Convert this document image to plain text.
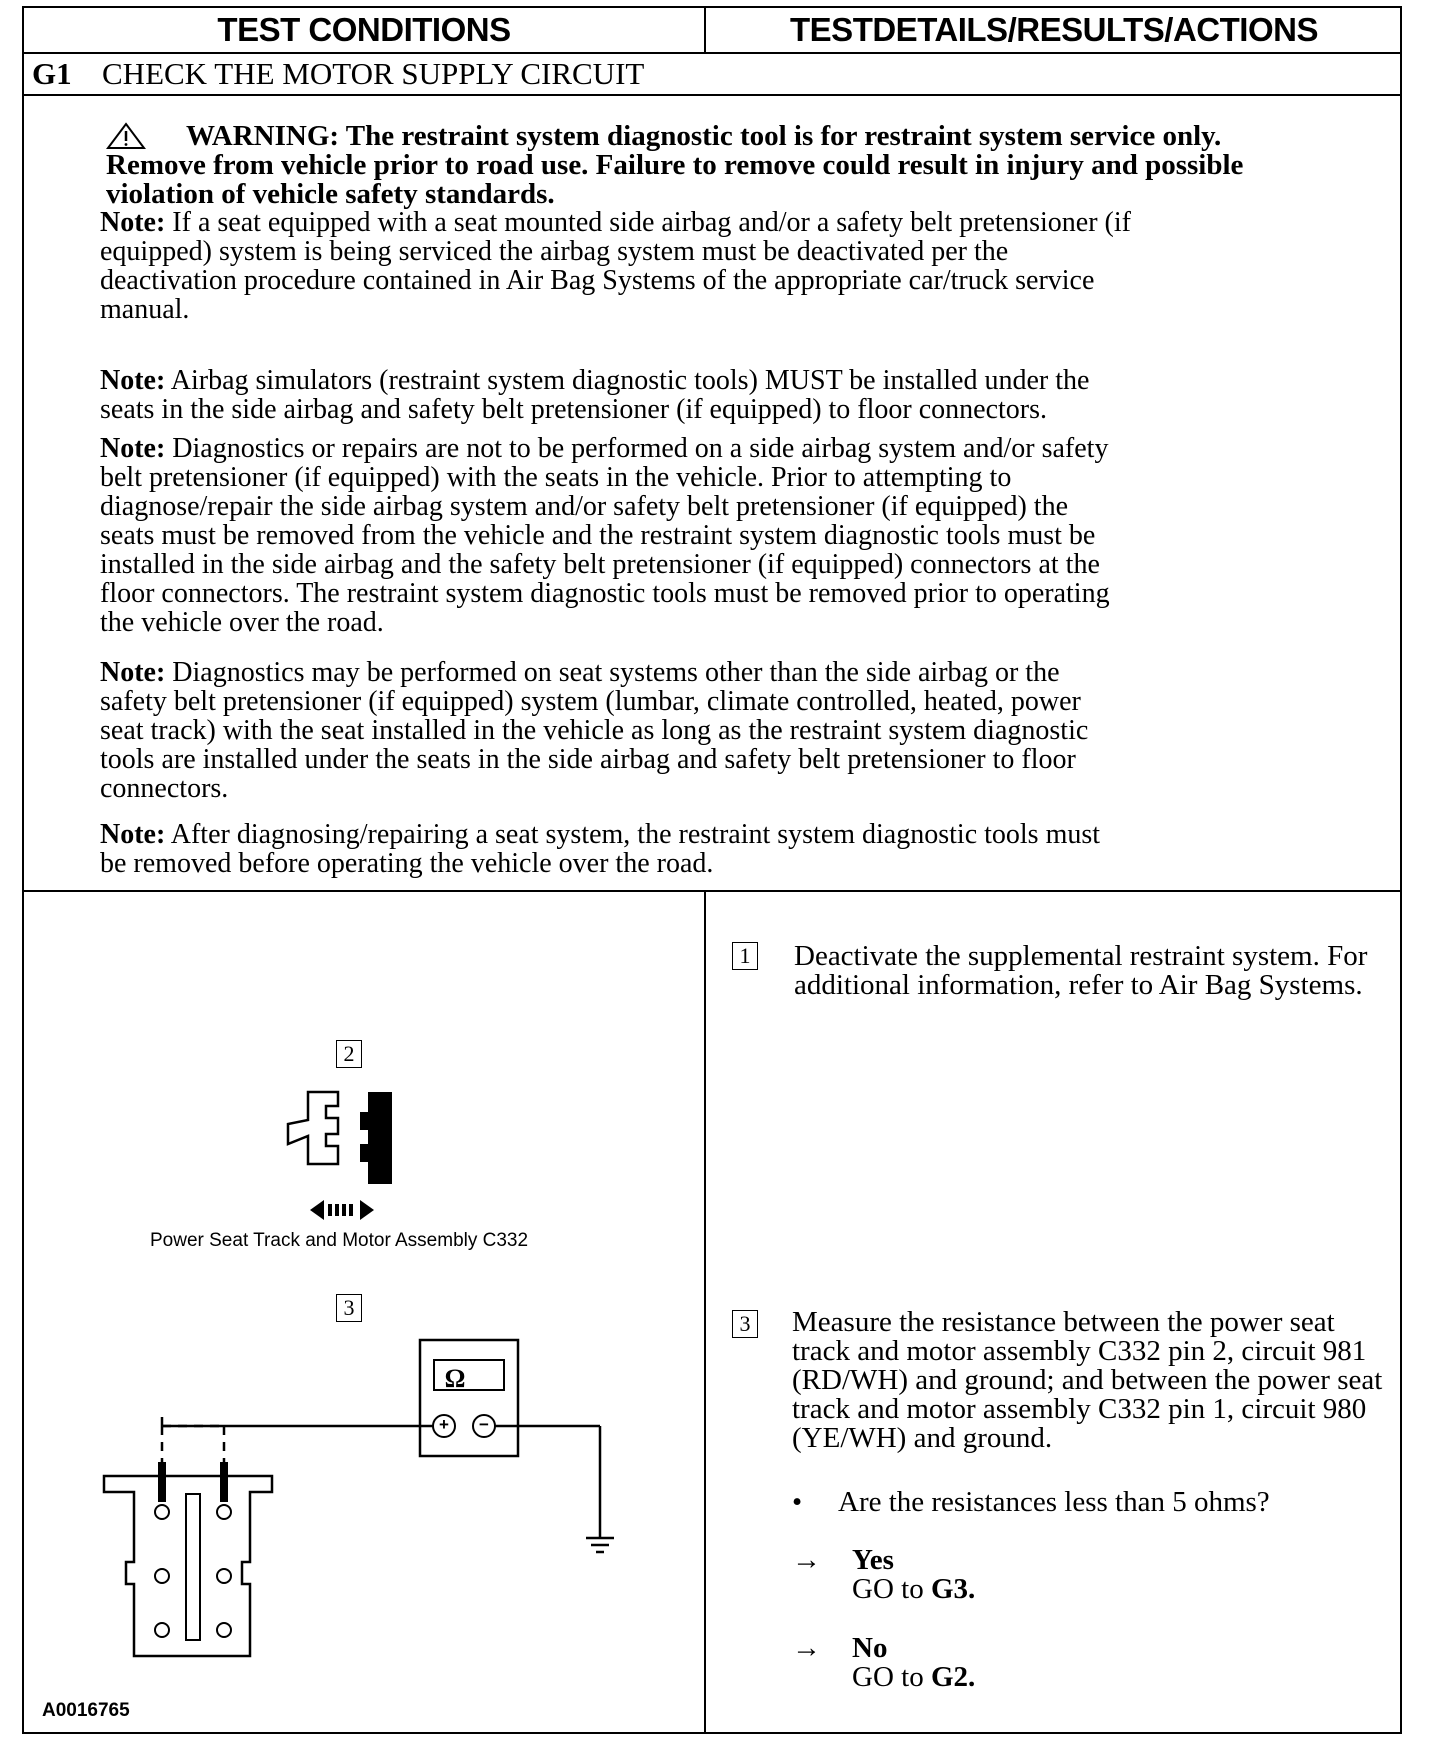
TEST CONDITIONS	TESTDETAILS/RESULTS/ACTIONS
G1 CHECK THE MOTOR SUPPLY CIRCUIT
WARNING: The restraint system diagnostic tool is for restraint system service only.
Remove from vehicle prior to road use. Failure to remove could result in injury and possible
violation of vehicle safety standards.
Note: If a seat equipped with a seat mounted side airbag and/or a safety belt pretensioner (if
equipped) system is being serviced the airbag system must be deactivated per the
deactivation procedure contained in Air Bag Systems of the appropriate car/truck service
manual.
Note: Airbag simulators (restraint system diagnostic tools) MUST be installed under the
seats in the side airbag and safety belt pretensioner (if equipped) to floor connectors.
Note: Diagnostics or repairs are not to be performed on a side airbag system and/or safety
belt pretensioner (if equipped) with the seats in the vehicle. Prior to attempting to
diagnose/repair the side airbag system and/or safety belt pretensioner (if equipped) the
seats must be removed from the vehicle and the restraint system diagnostic tools must be
installed in the side airbag and the safety belt pretensioner (if equipped) connectors at the
floor connectors. The restraint system diagnostic tools must be removed prior to operating
the vehicle over the road.
Note: Diagnostics may be performed on seat systems other than the side airbag or the
safety belt pretensioner (if equipped) system (lumbar, climate controlled, heated, power
seat track) with the seat installed in the vehicle as long as the restraint system diagnostic
tools are installed under the seats in the side airbag and safety belt pretensioner to floor
connectors.
Note: After diagnosing/repairing a seat system, the restraint system diagnostic tools must
be removed before operating the vehicle over the road.
2
Power Seat Track and Motor Assembly C332
3
Ω
+ −
A0016765
1 Deactivate the supplemental restraint system. For
additional information, refer to Air Bag Systems.
3 Measure the resistance between the power seat
track and motor assembly C332 pin 2, circuit 981
(RD/WH) and ground; and between the power seat
track and motor assembly C332 pin 1, circuit 980
(YE/WH) and ground.
• Are the resistances less than 5 ohms?
→ Yes
GO to G3.
→ No
GO to G2.
